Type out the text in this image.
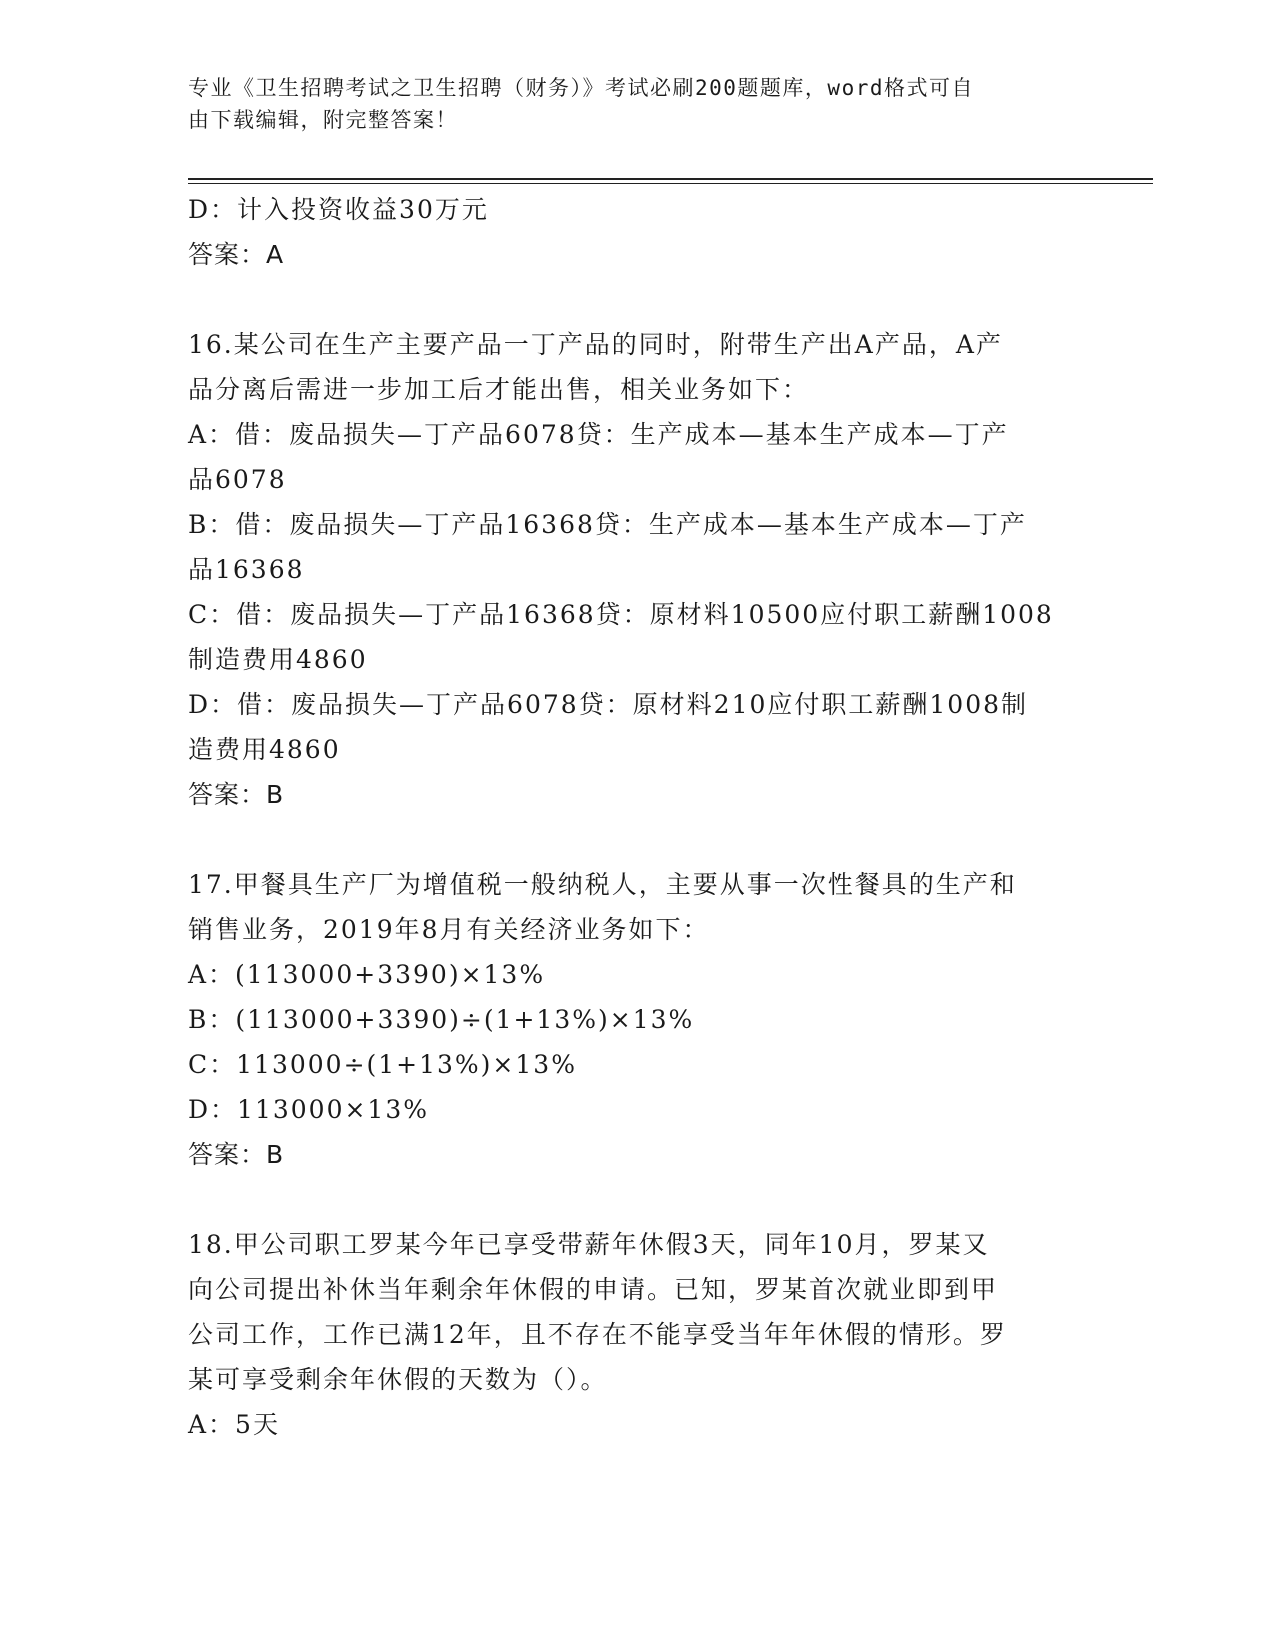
专业《卫生招聘考试之卫生招聘（财务）》考试必刷200题题库，word格式可自
由下载编辑，附完整答案！
D：计入投资收益30万元
答案：A
16.某公司在生产主要产品一丁产品的同时，附带生产出A产品，A产
品分离后需进一步加工后才能出售，相关业务如下：
A：借：废品损失—丁产品6078贷：生产成本—基本生产成本—丁产
品6078
B：借：废品损失—丁产品16368贷：生产成本—基本生产成本—丁产
品16368
C：借：废品损失—丁产品16368贷：原材料10500应付职工薪酬1008
制造费用4860
D：借：废品损失—丁产品6078贷：原材料210应付职工薪酬1008制
造费用4860
答案：B
17.甲餐具生产厂为增值税一般纳税人，主要从事一次性餐具的生产和
销售业务，2019年8月有关经济业务如下：
A：(113000+3390)×13%
B：(113000+3390)÷(1+13%)×13%
C：113000÷(1+13%)×13%
D：113000×13%
答案：B
18.甲公司职工罗某今年已享受带薪年休假3天，同年10月，罗某又
向公司提出补休当年剩余年休假的申请。已知，罗某首次就业即到甲
公司工作，工作已满12年，且不存在不能享受当年年休假的情形。罗
某可享受剩余年休假的天数为（）。
A：5天
